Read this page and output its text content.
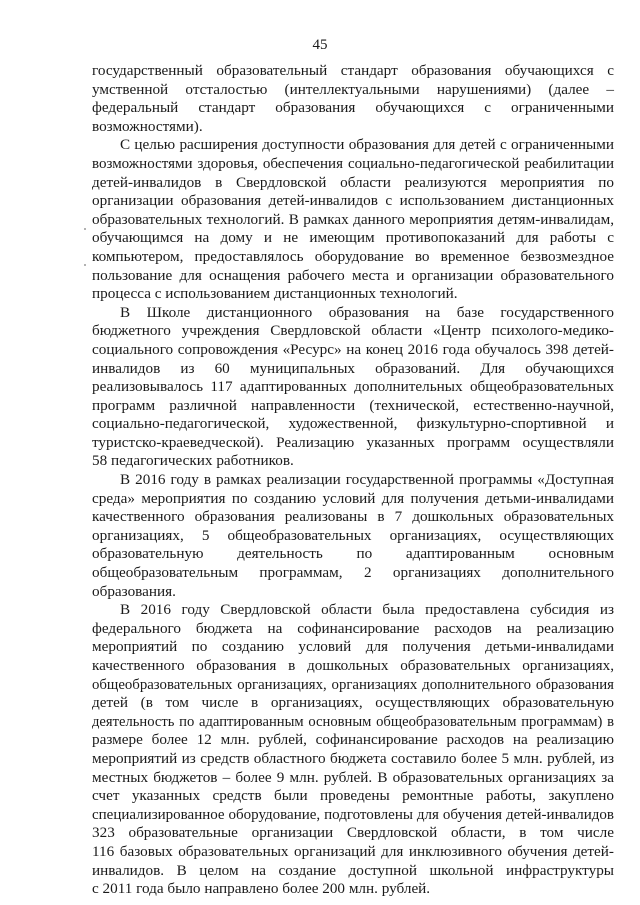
45
государственный образовательный стандарт образования обучающихся с
умственной отсталостью (интеллектуальными нарушениями) (далее –
федеральный стандарт образования обучающихся с ограниченными
возможностями).
С целью расширения доступности образования для детей с ограниченными
возможностями здоровья, обеспечения социально-педагогической реабилитации
детей-инвалидов в Свердловской области реализуются мероприятия по
организации образования детей-инвалидов с использованием дистанционных
образовательных технологий. В рамках данного мероприятия детям-инвалидам,
обучающимся на дому и не имеющим противопоказаний для работы с
компьютером, предоставлялось оборудование во временное безвозмездное
пользование для оснащения рабочего места и организации образовательного
процесса с использованием дистанционных технологий.
В Школе дистанционного образования на базе государственного
бюджетного учреждения Свердловской области «Центр психолого-медико-
социального сопровождения «Ресурс» на конец 2016 года обучалось 398 детей-
инвалидов из 60 муниципальных образований. Для обучающихся
реализовывалось 117 адаптированных дополнительных общеобразовательных
программ различной направленности (технической, естественно-научной,
социально-педагогической, художественной, физкультурно-спортивной и
туристско-краеведческой). Реализацию указанных программ осуществляли
58 педагогических работников.
В 2016 году в рамках реализации государственной программы «Доступная
среда» мероприятия по созданию условий для получения детьми-инвалидами
качественного образования реализованы в 7 дошкольных образовательных
организациях, 5 общеобразовательных организациях, осуществляющих
образовательную деятельность по адаптированным основным
общеобразовательным программам, 2 организациях дополнительного
образования.
В 2016 году Свердловской области была предоставлена субсидия из
федерального бюджета на софинансирование расходов на реализацию
мероприятий по созданию условий для получения детьми-инвалидами
качественного образования в дошкольных образовательных организациях,
общеобразовательных организациях, организациях дополнительного образования
детей (в том числе в организациях, осуществляющих образовательную
деятельность по адаптированным основным общеобразовательным программам) в
размере более 12 млн. рублей, софинансирование расходов на реализацию
мероприятий из средств областного бюджета составило более 5 млн. рублей, из
местных бюджетов – более 9 млн. рублей. В образовательных организациях за
счет указанных средств были проведены ремонтные работы, закуплено
специализированное оборудование, подготовлены для обучения детей-инвалидов
323 образовательные организации Свердловской области, в том числе
116 базовых образовательных организаций для инклюзивного обучения детей-
инвалидов. В целом на создание доступной школьной инфраструктуры
с 2011 года было направлено более 200 млн. рублей.
